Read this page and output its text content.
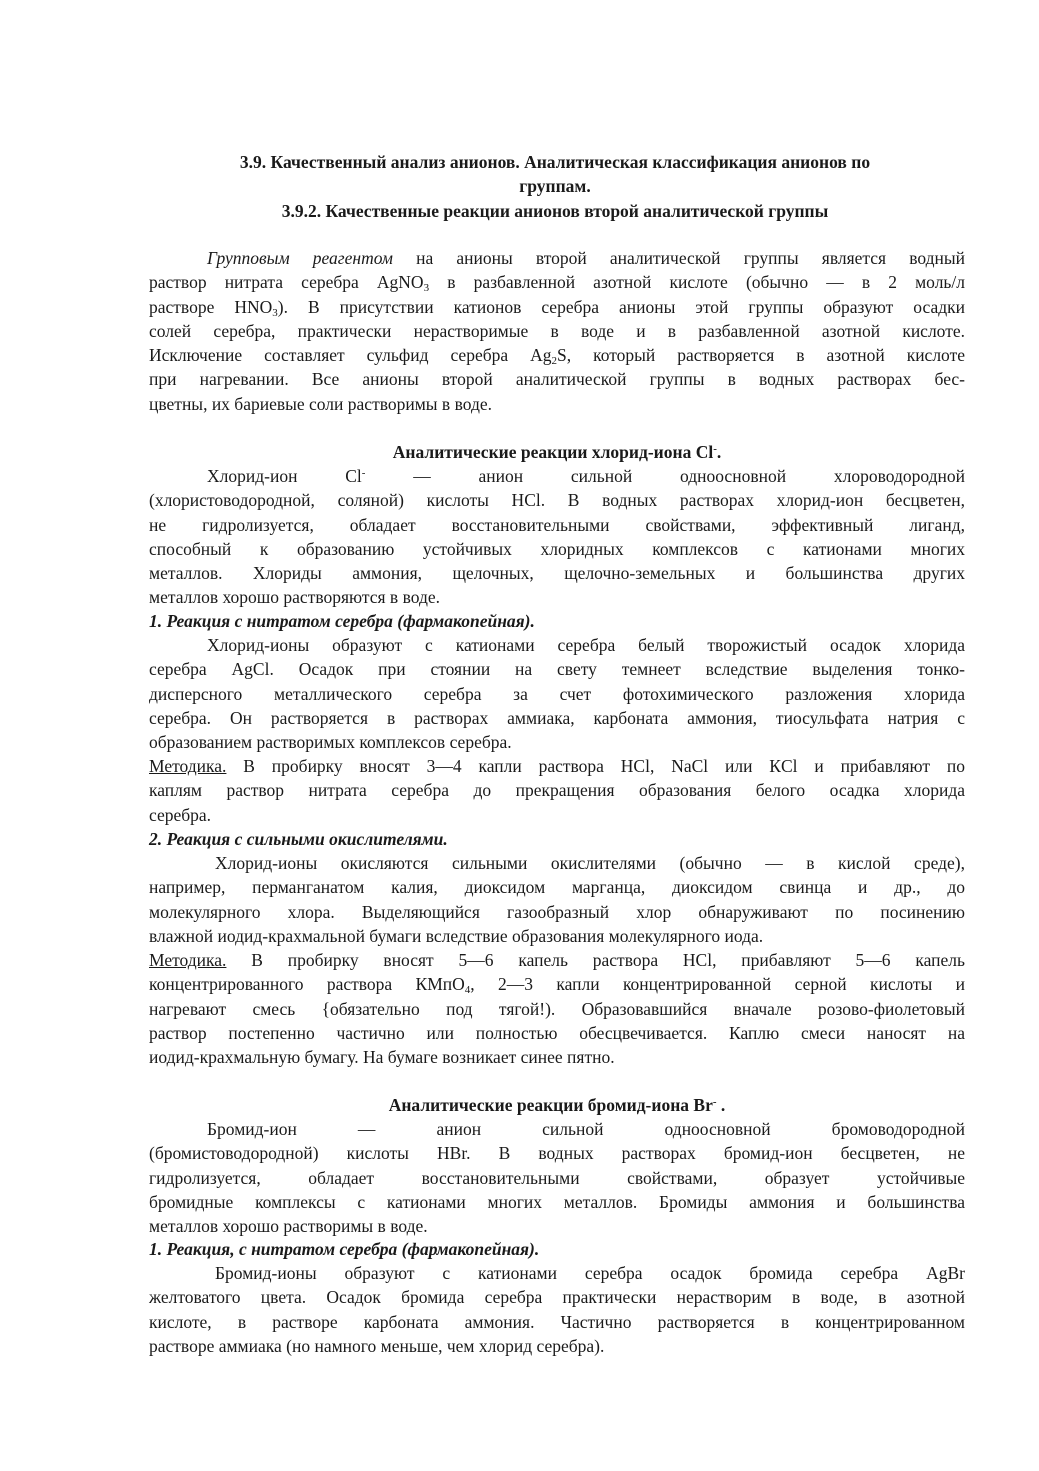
3.9. Качественный анализ анионов. Аналитическая классификация анионов по
группам.
3.9.2. Качественные реакции анионов второй аналитической группы
Групповым реагентом на анионы второй аналитической группы является водный
раствор нитрата серебра AgNO$_3$ в разбавленной азотной кислоте (обычно — в 2 моль/л
растворе $HNO_3$). В присутствии катионов серебра анионы этой группы образуют осадки
солей серебра, практически нерастворимые в воде и в разбавленной азотной кислоте.
Исключение составляет сульфид серебра $Ag_2S$, который растворяется в азотной кислоте
при нагревании. Все анионы второй аналитической группы в водных растворах бес-
цветны, их бариевые соли растворимы в воде.
Аналитические реакции хлорид-иона Cl-.
Хлорид-ион Cl- — анион сильной одноосновной хлороводородной
(хлористоводородной, соляной) кислоты HCl. В водных растворах хлорид-ион бесцветен,
не гидролизуется, обладает восстановительными свойствами, эффективный лиганд,
способный к образованию устойчивых хлоридных комплексов с катионами многих
металлов. Хлориды аммония, щелочных, щелочно-земельных и большинства других
металлов хорошо растворяются в воде.
1. Реакция с нитратом серебра (фармакопейная).
Хлорид-ионы образуют с катионами серебра белый творожистый осадок хлорида
серебра AgCl. Осадок при стоянии на свету темнеет вследствие выделения тонко-
дисперсного металлического серебра за счет фотохимического разложения хлорида
серебра. Он растворяется в растворах аммиака, карбоната аммония, тиосульфата натрия с
образованием растворимых комплексов серебра.
Методика. В пробирку вносят 3—4 капли раствора HCl, NaCl или КCl и прибавляют по
каплям раствор нитрата серебра до прекращения образования белого осадка хлорида
серебра.
2. Реакция с сильными окислителями.
Хлорид-ионы окисляются сильными окислителями (обычно — в кислой среде),
например, перманганатом калия, диоксидом марганца, диоксидом свинца и др., до
молекулярного хлора. Выделяющийся газообразный хлор обнаруживают по посинению
влажной иодид-крахмальной бумаги вследствие образования молекулярного иода.
Методика. В пробирку вносят 5—6 капель раствора HCl, прибавляют 5—6 капель
концентрированного раствора КМпО$_4$, 2—3 капли концентрированной серной кислоты и
нагревают смесь {обязательно под тягой!). Образовавшийся вначале розово-фиолетовый
раствор постепенно частично или полностью обесцвечивается. Каплю смеси наносят на
иодид-крахмальную бумагу. На бумаге возникает синее пятно.
Аналитические реакции бромид-иона Br- .
Бромид-ион — анион сильной одноосновной бромоводородной
(бромистоводородной) кислоты HBr. В водных растворах бромид-ион бесцветен, не
гидролизуется, обладает восстановительными свойствами, образует устойчивые
бромидные комплексы с катионами многих металлов. Бромиды аммония и большинства
металлов хорошо растворимы в воде.
1. Реакция, с нитратом серебра (фармакопейная).
Бромид-ионы образуют с катионами серебра осадок бромида серебра AgBr
желтоватого цвета. Осадок бромида серебра практически нерастворим в воде, в азотной
кислоте, в растворе карбоната аммония. Частично растворяется в концентрированном
растворе аммиака (но намного меньше, чем хлорид серебра).
